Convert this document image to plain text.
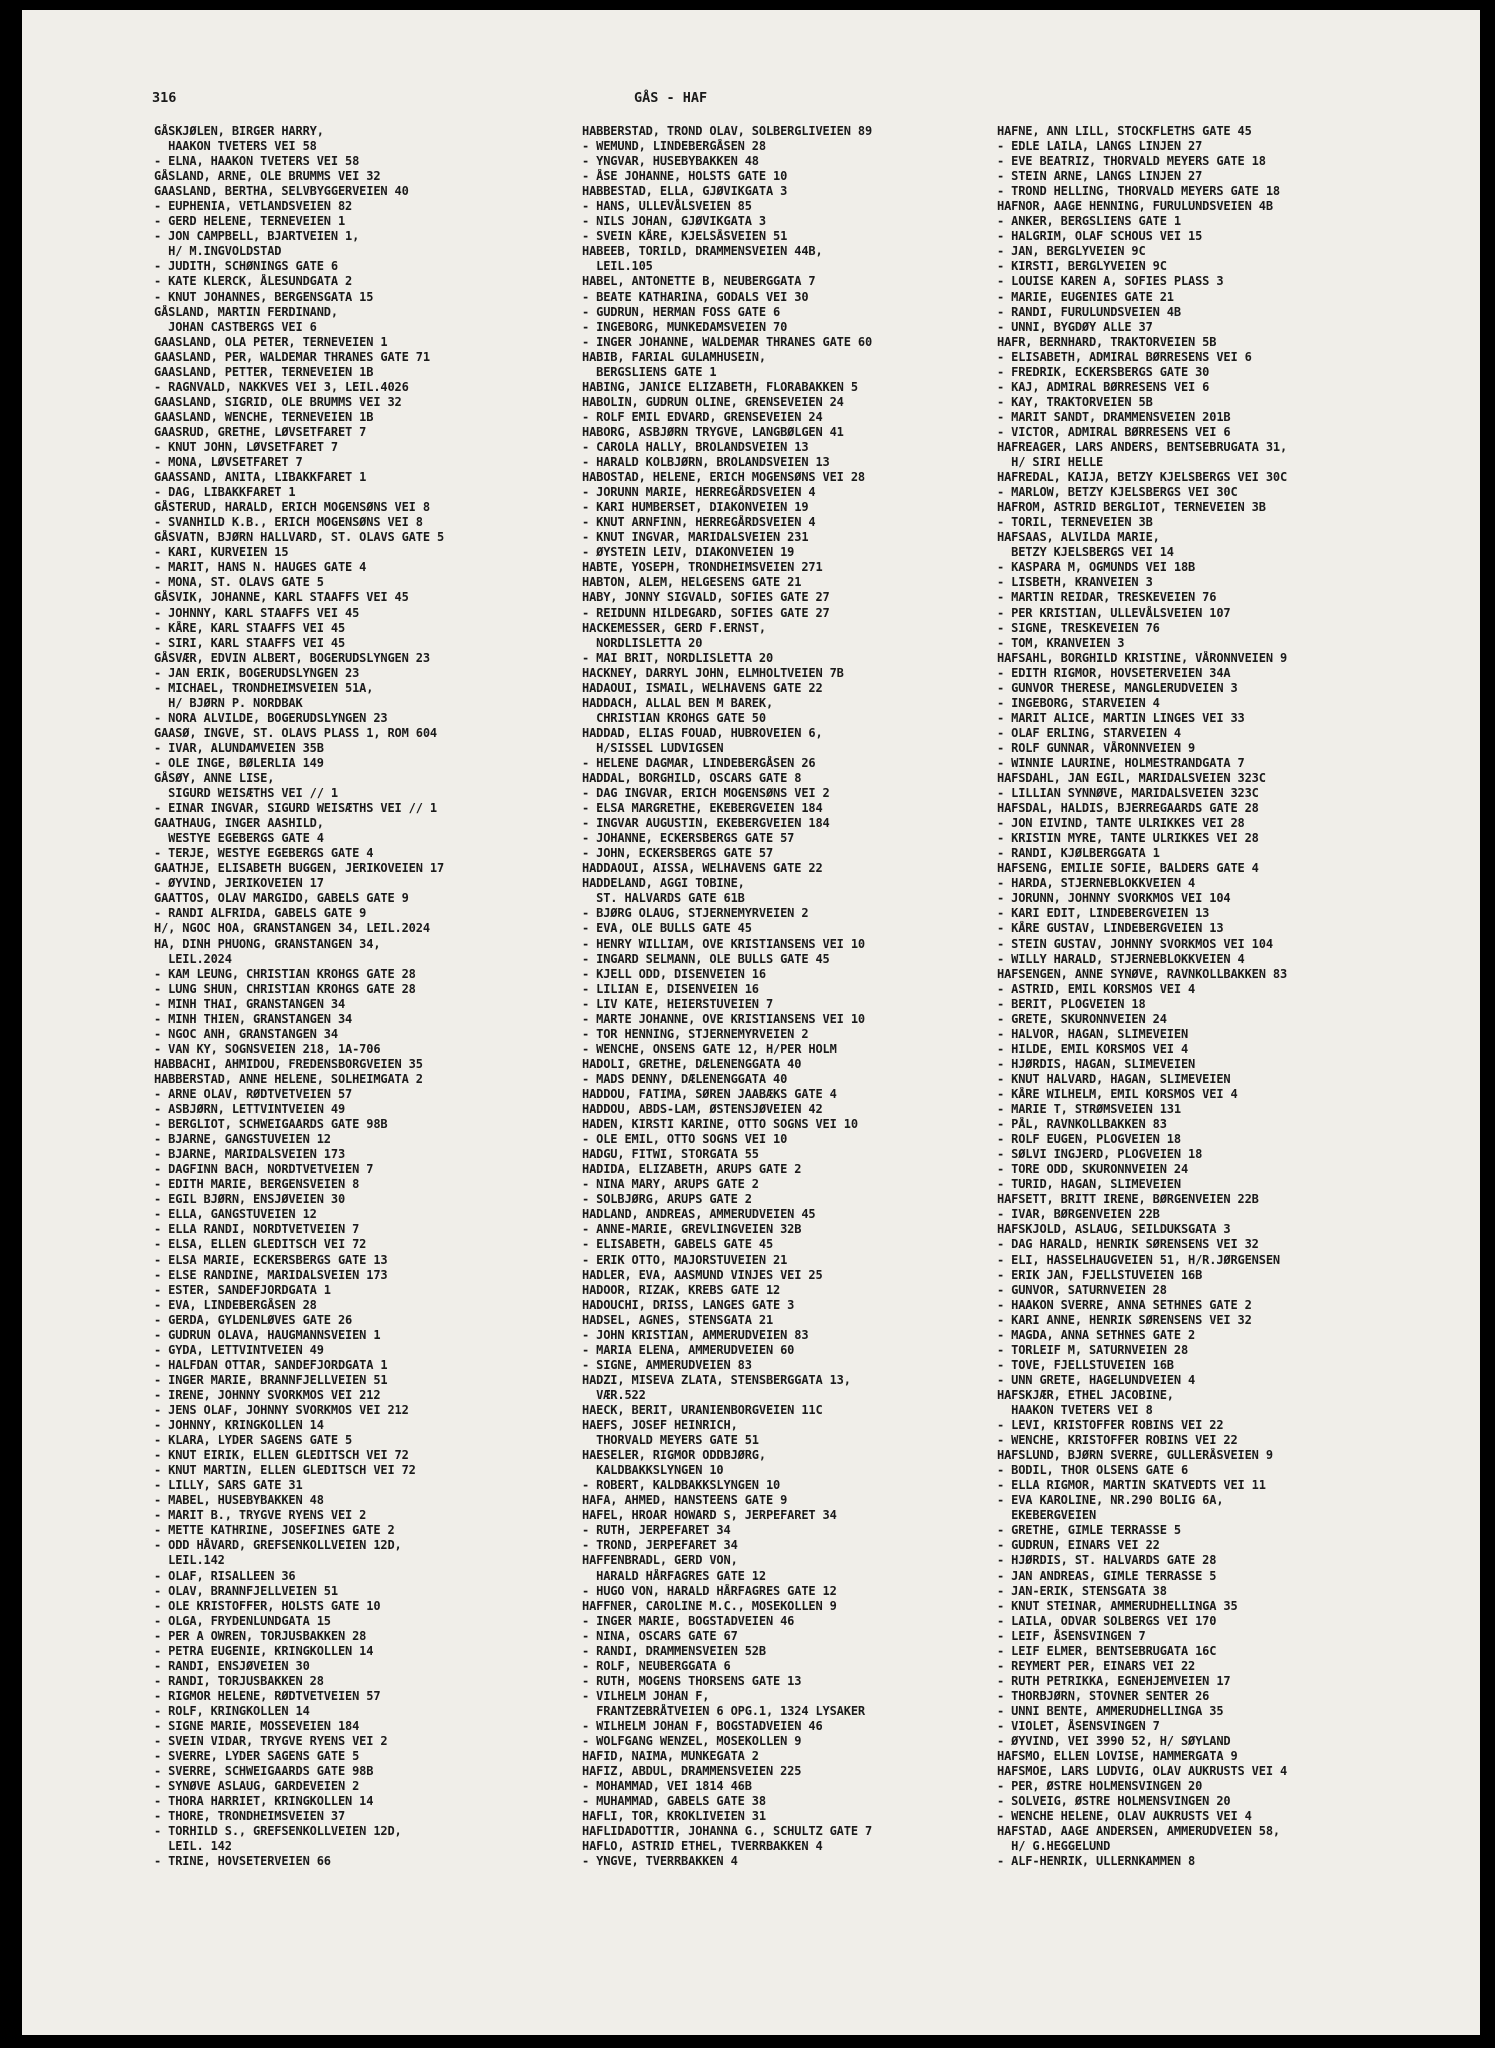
316	GÅS - HAF
GÅSKJØLEN, BIRGER HARRY,
HAAKON TVETERS VEI 58
- ELNA, HAAKON TVETERS VEI 58
GÅSLAND, ARNE, OLE BRUMMS VEI 32
GAASLAND, BERTHA, SELVBYGGERVEIEN 40
- EUPHENIA, VETLANDSVEIEN 82
- GERD HELENE, TERNEVEIEN 1
- JON CAMPBELL, BJARTVEIEN 1,
H/ M.INGVOLDSTAD
- JUDITH, SCHØNINGS GATE 6
- KATE KLERCK, ÅLESUNDGATA 2
- KNUT JOHANNES, BERGENSGATA 15
GÅSLAND, MARTIN FERDINAND,
JOHAN CASTBERGS VEI 6
GAASLAND, OLA PETER, TERNEVEIEN 1
GAASLAND, PER, WALDEMAR THRANES GATE 71
GAASLAND, PETTER, TERNEVEIEN 1B
- RAGNVALD, NAKKVES VEI 3, LEIL.4026
GAASLAND, SIGRID, OLE BRUMMS VEI 32
GAASLAND, WENCHE, TERNEVEIEN 1B
GAASRUD, GRETHE, LØVSETFARET 7
- KNUT JOHN, LØVSETFARET 7
- MONA, LØVSETFARET 7
GAASSAND, ANITA, LIBAKKFARET 1
- DAG, LIBAKKFARET 1
GÅSTERUD, HARALD, ERICH MOGENSØNS VEI 8
- SVANHILD K.B., ERICH MOGENSØNS VEI 8
GÅSVATN, BJØRN HALLVARD, ST. OLAVS GATE 5
- KARI, KURVEIEN 15
- MARIT, HANS N. HAUGES GATE 4
- MONA, ST. OLAVS GATE 5
GÅSVIK, JOHANNE, KARL STAAFFS VEI 45
- JOHNNY, KARL STAAFFS VEI 45
- KÅRE, KARL STAAFFS VEI 45
- SIRI, KARL STAAFFS VEI 45
GÅSVÆR, EDVIN ALBERT, BOGERUDSLYNGEN 23
- JAN ERIK, BOGERUDSLYNGEN 23
- MICHAEL, TRONDHEIMSVEIEN 51A,
H/ BJØRN P. NORDBAK
- NORA ALVILDE, BOGERUDSLYNGEN 23
GAASØ, INGVE, ST. OLAVS PLASS 1, ROM 604
- IVAR, ALUNDAMVEIEN 35B
- OLE INGE, BØLERLIA 149
GÅSØY, ANNE LISE,
SIGURD WEISÆTHS VEI // 1
- EINAR INGVAR, SIGURD WEISÆTHS VEI // 1
GAATHAUG, INGER AASHILD,
WESTYE EGEBERGS GATE 4
- TERJE, WESTYE EGEBERGS GATE 4
GAATHJE, ELISABETH BUGGEN, JERIKOVEIEN 17
- ØYVIND, JERIKOVEIEN 17
GAATTOS, OLAV MARGIDO, GABELS GATE 9
- RANDI ALFRIDA, GABELS GATE 9
H/, NGOC HOA, GRANSTANGEN 34, LEIL.2024
HA, DINH PHUONG, GRANSTANGEN 34,
LEIL.2024
- KAM LEUNG, CHRISTIAN KROHGS GATE 28
- LUNG SHUN, CHRISTIAN KROHGS GATE 28
- MINH THAI, GRANSTANGEN 34
- MINH THIEN, GRANSTANGEN 34
- NGOC ANH, GRANSTANGEN 34
- VAN KY, SOGNSVEIEN 218, 1A-706
HABBACHI, AHMIDOU, FREDENSBORGVEIEN 35
HABBERSTAD, ANNE HELENE, SOLHEIMGATA 2
- ARNE OLAV, RØDTVETVEIEN 57
- ASBJØRN, LETTVINTVEIEN 49
- BERGLIOT, SCHWEIGAARDS GATE 98B
- BJARNE, GANGSTUVEIEN 12
- BJARNE, MARIDALSVEIEN 173
- DAGFINN BACH, NORDTVETVEIEN 7
- EDITH MARIE, BERGENSVEIEN 8
- EGIL BJØRN, ENSJØVEIEN 30
- ELLA, GANGSTUVEIEN 12
- ELLA RANDI, NORDTVETVEIEN 7
- ELSA, ELLEN GLEDITSCH VEI 72
- ELSA MARIE, ECKERSBERGS GATE 13
- ELSE RANDINE, MARIDALSVEIEN 173
- ESTER, SANDEFJORDGATA 1
- EVA, LINDEBERGÅSEN 28
- GERDA, GYLDENLØVES GATE 26
- GUDRUN OLAVA, HAUGMANNSVEIEN 1
- GYDA, LETTVINTVEIEN 49
- HALFDAN OTTAR, SANDEFJORDGATA 1
- INGER MARIE, BRANNFJELLVEIEN 51
- IRENE, JOHNNY SVORKMOS VEI 212
- JENS OLAF, JOHNNY SVORKMOS VEI 212
- JOHNNY, KRINGKOLLEN 14
- KLARA, LYDER SAGENS GATE 5
- KNUT EIRIK, ELLEN GLEDITSCH VEI 72
- KNUT MARTIN, ELLEN GLEDITSCH VEI 72
- LILLY, SARS GATE 31
- MABEL, HUSEBYBAKKEN 48
- MARIT B., TRYGVE RYENS VEI 2
- METTE KATHRINE, JOSEFINES GATE 2
- ODD HÅVARD, GREFSENKOLLVEIEN 12D,
LEIL.142
- OLAF, RISALLEEN 36
- OLAV, BRANNFJELLVEIEN 51
- OLE KRISTOFFER, HOLSTS GATE 10
- OLGA, FRYDENLUNDGATA 15
- PER A OWREN, TORJUSBAKKEN 28
- PETRA EUGENIE, KRINGKOLLEN 14
- RANDI, ENSJØVEIEN 30
- RANDI, TORJUSBAKKEN 28
- RIGMOR HELENE, RØDTVETVEIEN 57
- ROLF, KRINGKOLLEN 14
- SIGNE MARIE, MOSSEVEIEN 184
- SVEIN VIDAR, TRYGVE RYENS VEI 2
- SVERRE, LYDER SAGENS GATE 5
- SVERRE, SCHWEIGAARDS GATE 98B
- SYNØVE ASLAUG, GARDEVEIEN 2
- THORA HARRIET, KRINGKOLLEN 14
- THORE, TRONDHEIMSVEIEN 37
- TORHILD S., GREFSENKOLLVEIEN 12D,
LEIL. 142
- TRINE, HOVSETERVEIEN 66
HABBERSTAD, TROND OLAV, SOLBERGLIVEIEN 89
- WEMUND, LINDEBERGÅSEN 28
- YNGVAR, HUSEBYBAKKEN 48
- ÅSE JOHANNE, HOLSTS GATE 10
HABBESTAD, ELLA, GJØVIKGATA 3
- HANS, ULLEVÅLSVEIEN 85
- NILS JOHAN, GJØVIKGATA 3
- SVEIN KÅRE, KJELSÅSVEIEN 51
HABEEB, TORILD, DRAMMENSVEIEN 44B,
LEIL.105
HABEL, ANTONETTE B, NEUBERGGATA 7
- BEATE KATHARINA, GODALS VEI 30
- GUDRUN, HERMAN FOSS GATE 6
- INGEBORG, MUNKEDAMSVEIEN 70
- INGER JOHANNE, WALDEMAR THRANES GATE 60
HABIB, FARIAL GULAMHUSEIN,
BERGSLIENS GATE 1
HABING, JANICE ELIZABETH, FLORABAKKEN 5
HABOLIN, GUDRUN OLINE, GRENSEVEIEN 24
- ROLF EMIL EDVARD, GRENSEVEIEN 24
HABORG, ASBJØRN TRYGVE, LANGBØLGEN 41
- CAROLA HALLY, BROLANDSVEIEN 13
- HARALD KOLBJØRN, BROLANDSVEIEN 13
HABOSTAD, HELENE, ERICH MOGENSØNS VEI 28
- JORUNN MARIE, HERREGÅRDSVEIEN 4
- KARI HUMBERSET, DIAKONVEIEN 19
- KNUT ARNFINN, HERREGÅRDSVEIEN 4
- KNUT INGVAR, MARIDALSVEIEN 231
- ØYSTEIN LEIV, DIAKONVEIEN 19
HABTE, YOSEPH, TRONDHEIMSVEIEN 271
HABTON, ALEM, HELGESENS GATE 21
HABY, JONNY SIGVALD, SOFIES GATE 27
- REIDUNN HILDEGARD, SOFIES GATE 27
HACKEMESSER, GERD F.ERNST,
NORDLISLETTA 20
- MAI BRIT, NORDLISLETTA 20
HACKNEY, DARRYL JOHN, ELMHOLTVEIEN 7B
HADAOUI, ISMAIL, WELHAVENS GATE 22
HADDACH, ALLAL BEN M BAREK,
CHRISTIAN KROHGS GATE 50
HADDAD, ELIAS FOUAD, HUBROVEIEN 6,
H/SISSEL LUDVIGSEN
- HELENE DAGMAR, LINDEBERGÅSEN 26
HADDAL, BORGHILD, OSCARS GATE 8
- DAG INGVAR, ERICH MOGENSØNS VEI 2
- ELSA MARGRETHE, EKEBERGVEIEN 184
- INGVAR AUGUSTIN, EKEBERGVEIEN 184
- JOHANNE, ECKERSBERGS GATE 57
- JOHN, ECKERSBERGS GATE 57
HADDAOUI, AISSA, WELHAVENS GATE 22
HADDELAND, AGGI TOBINE,
ST. HALVARDS GATE 61B
- BJØRG OLAUG, STJERNEMYRVEIEN 2
- EVA, OLE BULLS GATE 45
- HENRY WILLIAM, OVE KRISTIANSENS VEI 10
- INGARD SELMANN, OLE BULLS GATE 45
- KJELL ODD, DISENVEIEN 16
- LILIAN E, DISENVEIEN 16
- LIV KATE, HEIERSTUVEIEN 7
- MARTE JOHANNE, OVE KRISTIANSENS VEI 10
- TOR HENNING, STJERNEMYRVEIEN 2
- WENCHE, ONSENS GATE 12, H/PER HOLM
HADOLI, GRETHE, DÆLENENGGATA 40
- MADS DENNY, DÆLENENGGATA 40
HADDOU, FATIMA, SØREN JAABÆKS GATE 4
HADDOU, ABDS-LAM, ØSTENSJØVEIEN 42
HADEN, KIRSTI KARINE, OTTO SOGNS VEI 10
- OLE EMIL, OTTO SOGNS VEI 10
HADGU, FITWI, STORGATA 55
HADIDA, ELIZABETH, ARUPS GATE 2
- NINA MARY, ARUPS GATE 2
- SOLBJØRG, ARUPS GATE 2
HADLAND, ANDREAS, AMMERUDVEIEN 45
- ANNE-MARIE, GREVLINGVEIEN 32B
- ELISABETH, GABELS GATE 45
- ERIK OTTO, MAJORSTUVEIEN 21
HADLER, EVA, AASMUND VINJES VEI 25
HADOOR, RIZAK, KREBS GATE 12
HADOUCHI, DRISS, LANGES GATE 3
HADSEL, AGNES, STENSGATA 21
- JOHN KRISTIAN, AMMERUDVEIEN 83
- MARIA ELENA, AMMERUDVEIEN 60
- SIGNE, AMMERUDVEIEN 83
HADZI, MISEVA ZLATA, STENSBERGGATA 13,
VÆR.522
HAECK, BERIT, URANIENBORGVEIEN 11C
HAEFS, JOSEF HEINRICH,
THORVALD MEYERS GATE 51
HAESELER, RIGMOR ODDBJØRG,
KALDBAKKSLYNGEN 10
- ROBERT, KALDBAKKSLYNGEN 10
HAFA, AHMED, HANSTEENS GATE 9
HAFEL, HROAR HOWARD S, JERPEFARET 34
- RUTH, JERPEFARET 34
- TROND, JERPEFARET 34
HAFFENBRADL, GERD VON,
HARALD HÅRFAGRES GATE 12
- HUGO VON, HARALD HÅRFAGRES GATE 12
HAFFNER, CAROLINE M.C., MOSEKOLLEN 9
- INGER MARIE, BOGSTADVEIEN 46
- NINA, OSCARS GATE 67
- RANDI, DRAMMENSVEIEN 52B
- ROLF, NEUBERGGATA 6
- RUTH, MOGENS THORSENS GATE 13
- VILHELM JOHAN F,
FRANTZEBRÅTVEIEN 6 OPG.1, 1324 LYSAKER
- WILHELM JOHAN F, BOGSTADVEIEN 46
- WOLFGANG WENZEL, MOSEKOLLEN 9
HAFID, NAIMA, MUNKEGATA 2
HAFIZ, ABDUL, DRAMMENSVEIEN 225
- MOHAMMAD, VEI 1814 46B
- MUHAMMAD, GABELS GATE 38
HAFLI, TOR, KROKLIVEIEN 31
HAFLIDADOTTIR, JOHANNA G., SCHULTZ GATE 7
HAFLO, ASTRID ETHEL, TVERRBAKKEN 4
- YNGVE, TVERRBAKKEN 4
HAFNE, ANN LILL, STOCKFLETHS GATE 45
- EDLE LAILA, LANGS LINJEN 27
- EVE BEATRIZ, THORVALD MEYERS GATE 18
- STEIN ARNE, LANGS LINJEN 27
- TROND HELLING, THORVALD MEYERS GATE 18
HAFNOR, AAGE HENNING, FURULUNDSVEIEN 4B
- ANKER, BERGSLIENS GATE 1
- HALGRIM, OLAF SCHOUS VEI 15
- JAN, BERGLYVEIEN 9C
- KIRSTI, BERGLYVEIEN 9C
- LOUISE KAREN A, SOFIES PLASS 3
- MARIE, EUGENIES GATE 21
- RANDI, FURULUNDSVEIEN 4B
- UNNI, BYGDØY ALLE 37
HAFR, BERNHARD, TRAKTORVEIEN 5B
- ELISABETH, ADMIRAL BØRRESENS VEI 6
- FREDRIK, ECKERSBERGS GATE 30
- KAJ, ADMIRAL BØRRESENS VEI 6
- KAY, TRAKTORVEIEN 5B
- MARIT SANDT, DRAMMENSVEIEN 201B
- VICTOR, ADMIRAL BØRRESENS VEI 6
HAFREAGER, LARS ANDERS, BENTSEBRUGATA 31,
H/ SIRI HELLE
HAFREDAL, KAIJA, BETZY KJELSBERGS VEI 30C
- MARLOW, BETZY KJELSBERGS VEI 30C
HAFROM, ASTRID BERGLIOT, TERNEVEIEN 3B
- TORIL, TERNEVEIEN 3B
HAFSAAS, ALVILDA MARIE,
BETZY KJELSBERGS VEI 14
- KASPARA M, OGMUNDS VEI 18B
- LISBETH, KRANVEIEN 3
- MARTIN REIDAR, TRESKEVEIEN 76
- PER KRISTIAN, ULLEVÅLSVEIEN 107
- SIGNE, TRESKEVEIEN 76
- TOM, KRANVEIEN 3
HAFSAHL, BORGHILD KRISTINE, VÅRONNVEIEN 9
- EDITH RIGMOR, HOVSETERVEIEN 34A
- GUNVOR THERESE, MANGLERUDVEIEN 3
- INGEBORG, STARVEIEN 4
- MARIT ALICE, MARTIN LINGES VEI 33
- OLAF ERLING, STARVEIEN 4
- ROLF GUNNAR, VÅRONNVEIEN 9
- WINNIE LAURINE, HOLMESTRANDGATA 7
HAFSDAHL, JAN EGIL, MARIDALSVEIEN 323C
- LILLIAN SYNNØVE, MARIDALSVEIEN 323C
HAFSDAL, HALDIS, BJERREGAARDS GATE 28
- JON EIVIND, TANTE ULRIKKES VEI 28
- KRISTIN MYRE, TANTE ULRIKKES VEI 28
- RANDI, KJØLBERGGATA 1
HAFSENG, EMILIE SOFIE, BALDERS GATE 4
- HARDA, STJERNEBLOKKVEIEN 4
- JORUNN, JOHNNY SVORKMOS VEI 104
- KARI EDIT, LINDEBERGVEIEN 13
- KÅRE GUSTAV, LINDEBERGVEIEN 13
- STEIN GUSTAV, JOHNNY SVORKMOS VEI 104
- WILLY HARALD, STJERNEBLOKKVEIEN 4
HAFSENGEN, ANNE SYNØVE, RAVNKOLLBAKKEN 83
- ASTRID, EMIL KORSMOS VEI 4
- BERIT, PLOGVEIEN 18
- GRETE, SKURONNVEIEN 24
- HALVOR, HAGAN, SLIMEVEIEN
- HILDE, EMIL KORSMOS VEI 4
- HJØRDIS, HAGAN, SLIMEVEIEN
- KNUT HALVARD, HAGAN, SLIMEVEIEN
- KÅRE WILHELM, EMIL KORSMOS VEI 4
- MARIE T, STRØMSVEIEN 131
- PÅL, RAVNKOLLBAKKEN 83
- ROLF EUGEN, PLOGVEIEN 18
- SØLVI INGJERD, PLOGVEIEN 18
- TORE ODD, SKURONNVEIEN 24
- TURID, HAGAN, SLIMEVEIEN
HAFSETT, BRITT IRENE, BØRGENVEIEN 22B
- IVAR, BØRGENVEIEN 22B
HAFSKJOLD, ASLAUG, SEILDUKSGATA 3
- DAG HARALD, HENRIK SØRENSENS VEI 32
- ELI, HASSELHAUGVEIEN 51, H/R.JØRGENSEN
- ERIK JAN, FJELLSTUVEIEN 16B
- GUNVOR, SATURNVEIEN 28
- HAAKON SVERRE, ANNA SETHNES GATE 2
- KARI ANNE, HENRIK SØRENSENS VEI 32
- MAGDA, ANNA SETHNES GATE 2
- TORLEIF M, SATURNVEIEN 28
- TOVE, FJELLSTUVEIEN 16B
- UNN GRETE, HAGELUNDVEIEN 4
HAFSKJÆR, ETHEL JACOBINE,
HAAKON TVETERS VEI 8
- LEVI, KRISTOFFER ROBINS VEI 22
- WENCHE, KRISTOFFER ROBINS VEI 22
HAFSLUND, BJØRN SVERRE, GULLERÅSVEIEN 9
- BODIL, THOR OLSENS GATE 6
- ELLA RIGMOR, MARTIN SKATVEDTS VEI 11
- EVA KAROLINE, NR.290 BOLIG 6A,
EKEBERGVEIEN
- GRETHE, GIMLE TERRASSE 5
- GUDRUN, EINARS VEI 22
- HJØRDIS, ST. HALVARDS GATE 28
- JAN ANDREAS, GIMLE TERRASSE 5
- JAN-ERIK, STENSGATA 38
- KNUT STEINAR, AMMERUDHELLINGA 35
- LAILA, ODVAR SOLBERGS VEI 170
- LEIF, ÅSENSVINGEN 7
- LEIF ELMER, BENTSEBRUGATA 16C
- REYMERT PER, EINARS VEI 22
- RUTH PETRIKKA, EGNEHJEMVEIEN 17
- THORBJØRN, STOVNER SENTER 26
- UNNI BENTE, AMMERUDHELLINGA 35
- VIOLET, ÅSENSVINGEN 7
- ØYVIND, VEI 3990 52, H/ SØYLAND
HAFSMO, ELLEN LOVISE, HAMMERGATA 9
HAFSMOE, LARS LUDVIG, OLAV AUKRUSTS VEI 4
- PER, ØSTRE HOLMENSVINGEN 20
- SOLVEIG, ØSTRE HOLMENSVINGEN 20
- WENCHE HELENE, OLAV AUKRUSTS VEI 4
HAFSTAD, AAGE ANDERSEN, AMMERUDVEIEN 58,
H/ G.HEGGELUND
- ALF-HENRIK, ULLERNKAMMEN 8
